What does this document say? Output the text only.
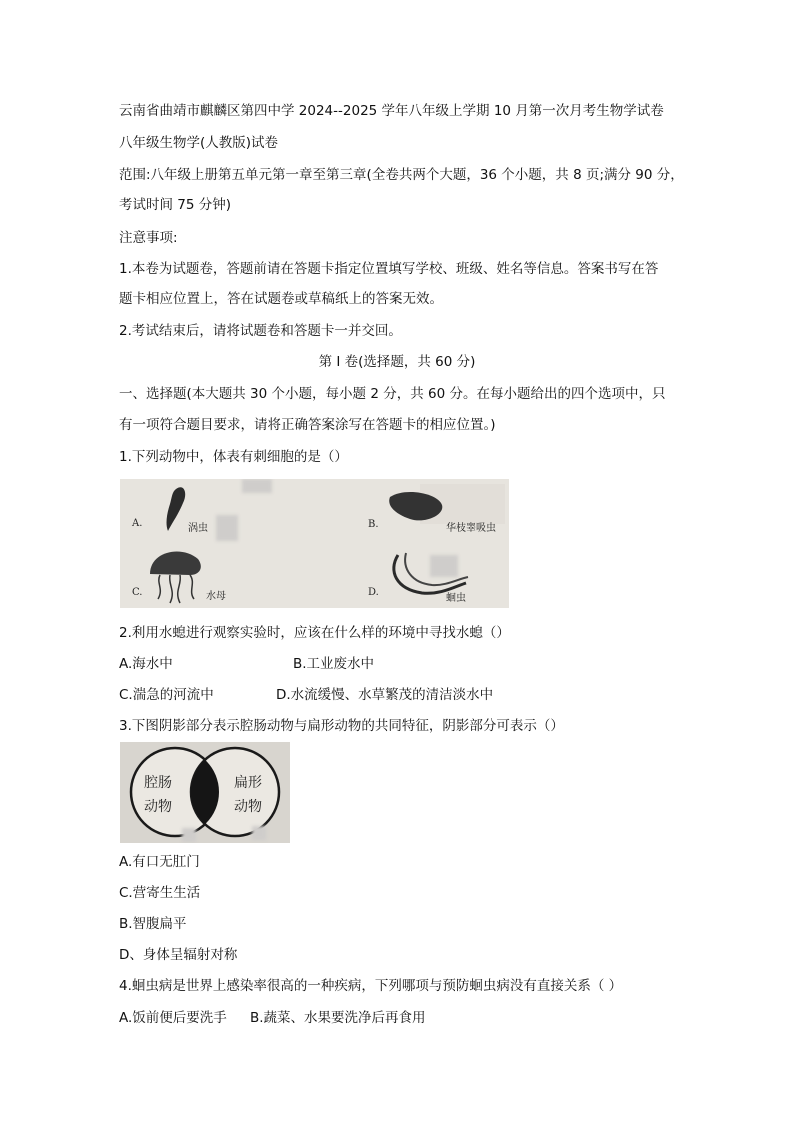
云南省曲靖市麒麟区第四中学 2024--2025 学年八年级上学期 10 月第一次月考生物学试卷
八年级生物学(人教版)试卷
范围:八年级上册第五单元第一章至第三章(全卷共两个大题，36 个小题，共 8 页;满分 90 分，
考试时间 75 分钟)
注意事项:
1.本卷为试题卷，答题前请在答题卡指定位置填写学校、班级、姓名等信息。答案书写在答
题卡相应位置上，答在试题卷或草稿纸上的答案无效。
2.考试结束后，请将试题卷和答题卡一并交回。
第 I 卷(选择题，共 60 分)
一、选择题(本大题共 30 个小题，每小题 2 分，共 60 分。在每小题给出的四个选项中，只
有一项符合题目要求，请将正确答案涂写在答题卡的相应位置。)
1.下列动物中，体表有刺细胞的是（）
A.	涡虫	B.	华枝睾吸虫
C.	水母	D.
蛔虫
2.利用水螅进行观察实验时，应该在什么样的环境中寻找水螅（）
A.海水中	B.工业废水中
C.湍急的河流中	D.水流缓慢、水草繁茂的清洁淡水中
3.下图阴影部分表示腔肠动物与扁形动物的共同特征，阴影部分可表示（）
腔肠
动物
扁形
动物
A.有口无肛门
C.营寄生生活
B.智腹扁平
D、身体呈辐射对称
4.蛔虫病是世界上感染率很高的一种疾病，下列哪项与预防蛔虫病没有直接关系（ ）
A.饭前便后要洗手 B.蔬菜、水果要洗净后再食用
